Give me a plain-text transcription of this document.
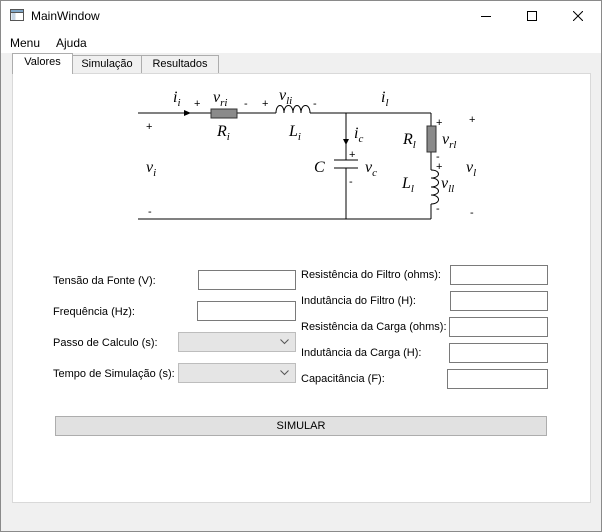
MainWindow
Menu Ajuda
Valores	Simulação	Resultados
$i_i$ $v_{ri}$	$v_{li}$	$i_l$
$R_i$	$L_i$	$i_c$
C	$v_c$
$v_i$
$R_l$ $v_{rl}$
$L_l$ $v_{ll}$
$v_l$
+	- +	-
+
-
+
-
+
-
+
-
+
-
Tensão da Fonte (V):
Frequência (Hz):
Passo de Calculo (s):
Tempo de Simulação (s):
Resistência do Filtro (ohms):
Indutância do Filtro (H):
Resistência da Carga (ohms):
Indutância da Carga (H):
Capacitância (F):
SIMULAR
